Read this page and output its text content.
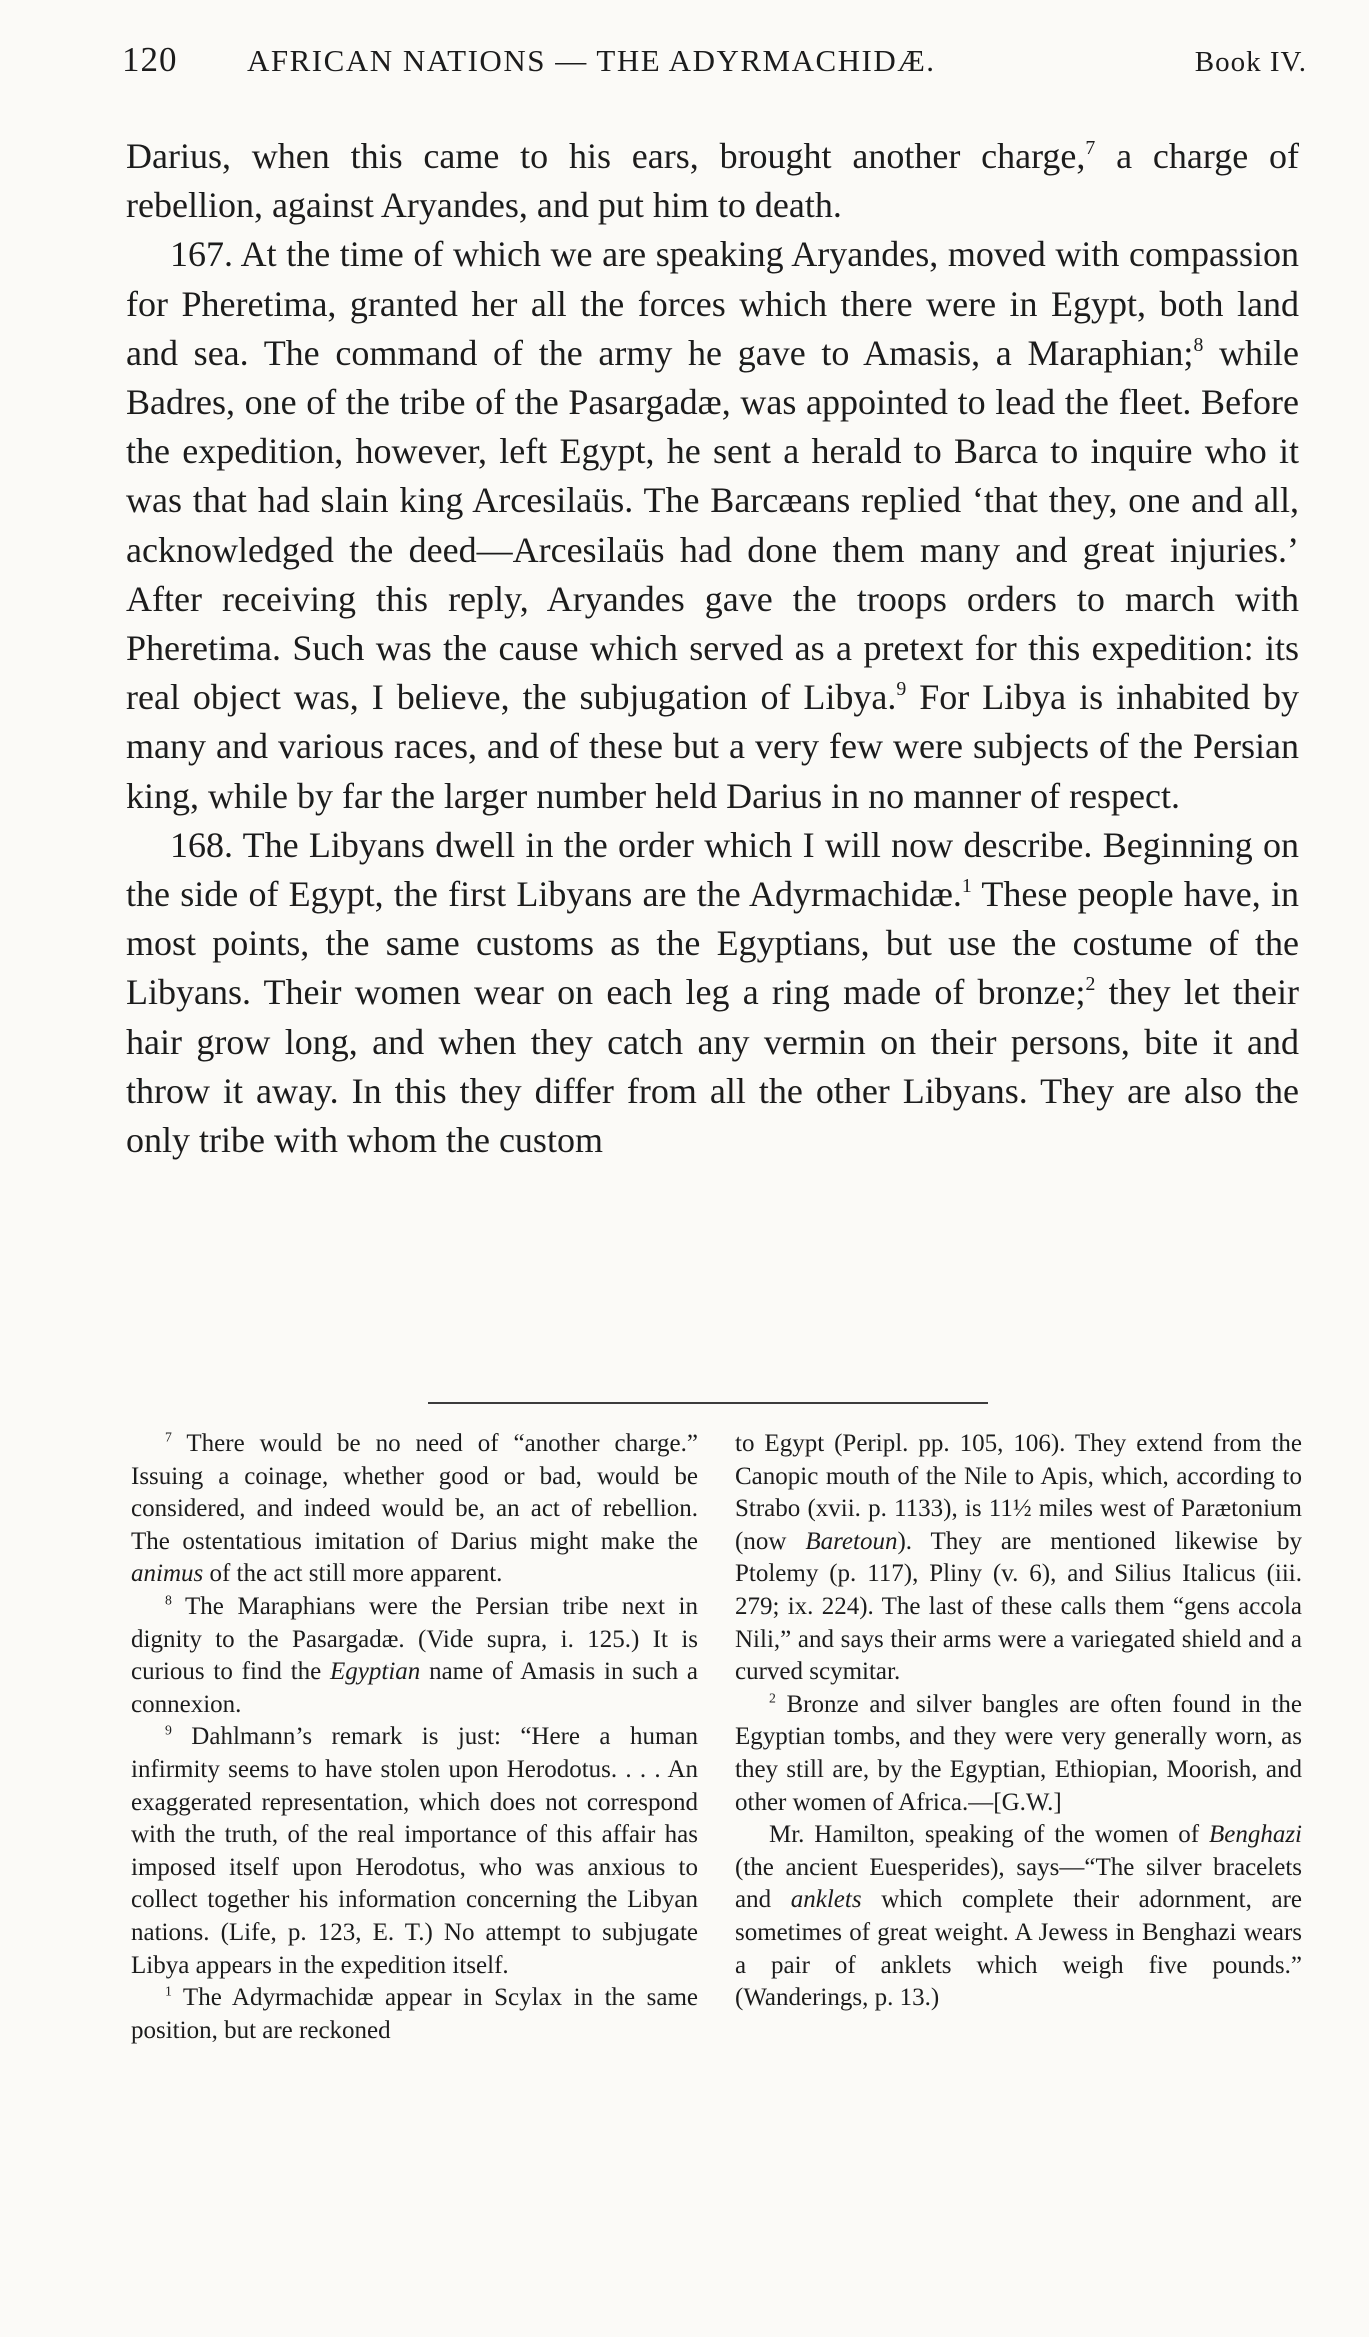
120	AFRICAN NATIONS — THE ADYRMACHIDÆ.	Book IV.

Darius, when this came to his ears, brought another charge,$^7$ a charge of rebellion, against Aryandes, and put him to death.

167. At the time of which we are speaking Aryandes, moved with compassion for Pheretima, granted her all the forces which there were in Egypt, both land and sea. The command of the army he gave to Amasis, a Maraphian;$^8$ while Badres, one of the tribe of the Pasargadæ, was appointed to lead the fleet. Before the expedition, however, left Egypt, he sent a herald to Barca to inquire who it was that had slain king Arcesilaüs. The Barcæans replied ‘that they, one and all, acknowledged the deed—Arcesilaüs had done them many and great injuries.’ After receiving this reply, Aryandes gave the troops orders to march with Pheretima. Such was the cause which served as a pretext for this expedition: its real object was, I believe, the subjugation of Libya.$^9$ For Libya is inhabited by many and various races, and of these but a very few were subjects of the Persian king, while by far the larger number held Darius in no manner of respect.

168. The Libyans dwell in the order which I will now describe. Beginning on the side of Egypt, the first Libyans are the Adyrmachidæ.$^1$ These people have, in most points, the same customs as the Egyptians, but use the costume of the Libyans. Their women wear on each leg a ring made of bronze;$^2$ they let their hair grow long, and when they catch any vermin on their persons, bite it and throw it away. In this they differ from all the other Libyans. They are also the only tribe with whom the custom

$^7$ There would be no need of “another charge.” Issuing a coinage, whether good or bad, would be considered, and indeed would be, an act of rebellion. The ostentatious imitation of Darius might make the animus of the act still more apparent.

$^8$ The Maraphians were the Persian tribe next in dignity to the Pasargadæ. (Vide supra, i. 125.) It is curious to find the Egyptian name of Amasis in such a connexion.

$^9$ Dahlmann’s remark is just: “Here a human infirmity seems to have stolen upon Herodotus. . . . An exaggerated representation, which does not correspond with the truth, of the real importance of this affair has imposed itself upon Herodotus, who was anxious to collect together his information concerning the Libyan nations. (Life, p. 123, E. T.) No attempt to subjugate Libya appears in the expedition itself.

$^1$ The Adyrmachidæ appear in Scylax in the same position, but are reckoned

to Egypt (Peripl. pp. 105, 106). They extend from the Canopic mouth of the Nile to Apis, which, according to Strabo (xvii. p. 1133), is 11½ miles west of Parætonium (now Baretoun). They are mentioned likewise by Ptolemy (p. 117), Pliny (v. 6), and Silius Italicus (iii. 279; ix. 224). The last of these calls them “gens accola Nili,” and says their arms were a variegated shield and a curved scymitar.

$^2$ Bronze and silver bangles are often found in the Egyptian tombs, and they were very generally worn, as they still are, by the Egyptian, Ethiopian, Moorish, and other women of Africa.—[G.W.]

Mr. Hamilton, speaking of the women of Benghazi (the ancient Euesperides), says—“The silver bracelets and anklets which complete their adornment, are sometimes of great weight. A Jewess in Benghazi wears a pair of anklets which weigh five pounds.” (Wanderings, p. 13.)
